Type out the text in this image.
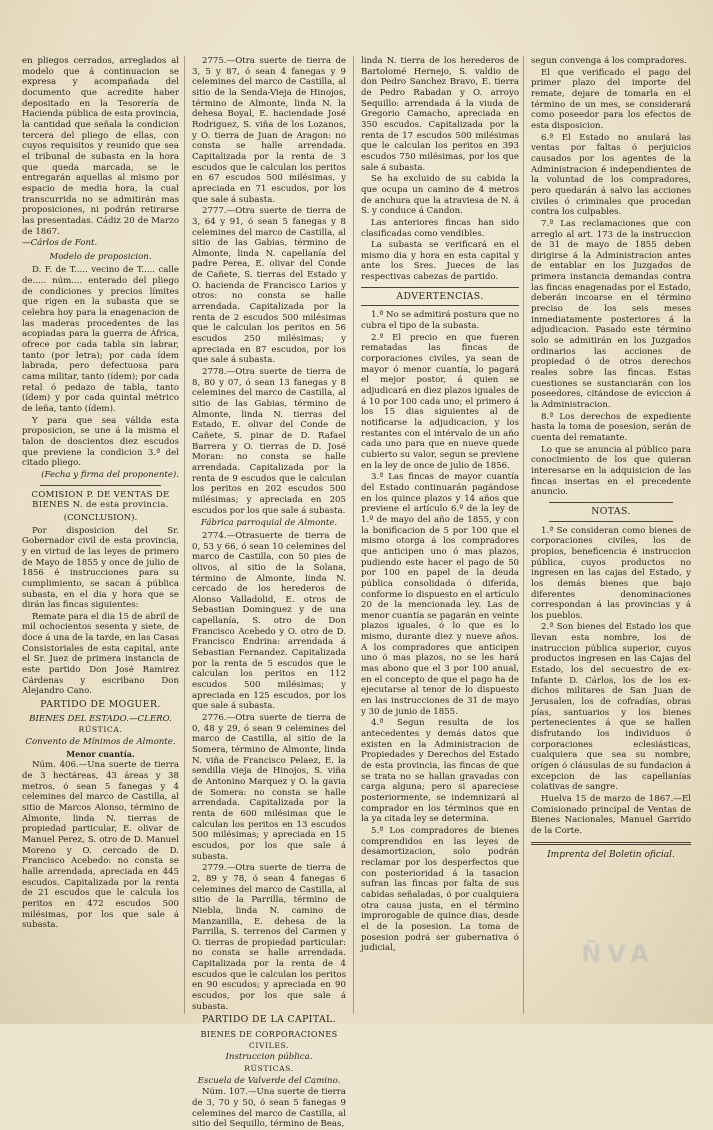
en pliegos cerrados, arreglados al modelo que á continuacion se expresa y acompañada del documento que acredite haber depositado en la Tesorería de Hacienda pública de esta provincia, la cantidad que señala la condicion tercera del pliego de ellas, con cuyos requisitos y reunido que sea el tribunal de subasta en la hora que queda marcada, se le entregarán aquellas al mismo por espacio de media hora, la cual transcurrida no se admitirán mas proposiciones, ni podrán retirarse las presentadas. Cádiz 20 de Marzo de 1867.

—Cárlos de Font.

Modelo de proposicion.

D. F. de T..... vecino de T..... calle de..... núm.... enterado del pliego de condiciones y precios límites que rigen en la subasta que se celebra hoy para la enagenacion de las maderas procedentes de las acopiadas para la guerra de África, ofrece por cada tabla sin labrar, tanto (por letra); por cada ídem labrada, pero defectuosa para cama militar, tanto (ídem); por cada retal ó pedazo de tabla, tanto (ídem) y por cada quintal métrico de leña, tanto (ídem).

Y para que sea válida esta proposicion, se une á la misma el talon de doscientos diez escudos que previene la condicion 3.ª del citado pliego.

(Fecha y firma del proponente).

COMISION P. DE VENTAS DE BIENES N. de esta provincia.

(CONCLUSION).

Por disposicion del Sr. Gobernador civil de esta provincia, y en virtud de las leyes de primero de Mayo de 1855 y once de julio de 1856 é instrucciones para su cumplimiento, se sacan á pública subasta, en el dia y hora que se dirán las fincas siguientes:

Remate para el dia 15 de abril de mil ochocientos sesenta y siete, de doce á una de la tarde, en las Casas Consistoriales de esta capital, ante el Sr. Juez de primera instancia de este partido Don José Ramirez Cárdenas y escribano Don Alejandro Cano.

PARTIDO DE MOGUER.

BIENES DEL ESTADO.—CLERO.

RÚSTICA.

Convento de Mínimos de Almonte.

Menor cuantía.

Núm. 406.—Una suerte de tierra de 3 hectáreas, 43 áreas y 38 metros, ó sean 5 fanegas y 4 celemines del marco de Castilla, al sitio de Marcos Alonso, término de Almonte, linda N. tierras de propiedad particular, E. olivar de Manuel Perez, S. otro de D. Manuel Moreno y O. cercado de D. Francisco Acebedo: no consta se halle arrendada, apreciada en 445 escudos. Capitalizada por la renta de 21 escudos que le calcula los peritos en 472 escudos 500 milésimas, por los que sale á subasta.

2775.—Otra suerte de tierra de 3, 5 y 87, ó sean 4 fanegas y 9 celemines del marco de Castilla, al sitio de la Senda-Vieja de Hinojos, término de Almonte, linda N. la dehesa Boyal, E. haciendade José Rodriguez, S. viña de los Lozanos, y O. tierra de Juan de Aragon: no consta se halle arrendada. Capitalizada por la renta de 3 escudos que le calculan los peritos en 67 escudos 500 milésimas, y apreciada en 71 escudos, por los que sale á subasta.

2777.—Otra suerte de tierra de 3, 64 y 91, ó sean 5 fanegas y 8 celemines del marco de Castilla, al sitio de las Gabias, término de Almonte, linda N. capellanía del padre Perea, E. olivar del Conde de Cañete, S. tierras del Estado y O. hacienda de Francisco Larios y otros: no consta se halle arrendada. Capitalizada por la renta de 2 escudos 500 milésimas que le calculan los peritos en 56 escudos 250 milésimas; y apreciada en 87 escudos, por los que sale á subasta.

2778.—Otra suerte de tierra de 8, 80 y 07, ó sean 13 fanegas y 8 celemines del marco de Castilla, al sitio de las Gabias, término de Almonte, linda N. tierras del Estado, E. olivar del Conde de Cañete, S. pinar de D. Rafael Barrera y O. tierras de D. José Moran: no consta se halle arrendada. Capitalizada por la renta de 9 escudos que le calculan los peritos en 202 escudos 500 milésimas; y apreciada en 205 escudos por los que sale á subasta.

Fábrica parroquial de Almonte.

2774.—Otrasuerte de tierra de 0, 53 y 66, ó sean 10 celemines del marco de Castilla, con 50 pies de olivos, al sitio de la Solana, término de Almonte, linda N. cercado de los herederos de Alonso Valladolid, E. otros de Sebastian Dominguez y de una capellanía, S. otro de Don Francisco Acebedo y O. otro de D. Francisco Endrina: arrendada á Sebastian Fernandez. Capitalizada por la renta de 5 escudos que le calculan los peritos en 112 escudos 500 milésimas; y apreciada en 125 escudos, por los que sale á subasta.

2776.—Otra suerte de tierra de 0, 48 y 29, ó sean 9 celemines del marco de Castilla, al sitio de la Somera, término de Almonte, linda N. viña de Francisco Pelaez, E. la sendilla vieja de Hinojos, S. viña de Antonino Marquez y O. la gavia de Somera: no consta se halle arrendada. Capitalizada por la renta de 600 milésimas que le calculan los peritos en 13 escudos 500 milésimas; y apreciada en 15 escudos, por los que sale á subasta.

2779.—Otra suerte de tierra de 2, 89 y 78, ó sean 4 fanegas 6 celemines del marco de Castilla, al sitio de la Parrilla, término de Niebla, linda N. camino de Manzanilla, E. dehesa de la Parrilla, S. terrenos del Carmen y O. tierras de propiedad particular: no consta se halle arrendada. Capitalizada por la renta de 4 escudos que le calculan los peritos en 90 escudos; y apreciada en 90 escudos, por los que sale á subasta.

PARTIDO DE LA CAPITAL.

BIENES DE CORPORACIONES

CIVILES.

Instruccion pública.

RÚSTICAS.

Escuela de Valverde del Camino.

Núm. 107.—Una suerte de tierra de 3, 70 y 50, ó sean 5 fanegas 9 celemines del marco de Castilla, al sitio del Sequillo, término de Beas,

linda N. tierra de los herederos de Bartolomé Hernejo, S. valdio de don Pedro Sanchez Bravo, E. tierra de Pedro Rabadan y O. arroyo Sequillo: arrendada á la viuda de Gregorio Camacho, apreciada en 350 escudos. Capitalizada por la renta de 17 escudos 500 milésimas que le calculan los peritos en 393 escudos 750 milésimas, por los que sale á subasta.

Se ha excluido de su cabida la que ocupa un camino de 4 metros de anchura que la atraviesa de N. á S. y conduce á Candon.

Las anteriores fincas han sido clasificadas como vendibles.

La subasta se verificará en el mismo dia y hora en esta capital y ante los Sres. Jueces de las respectivas cabezas de partido.

ADVERTENCIAS.

1.ª No se admitirá postura que no cubra el tipo de la subasta.

2.ª El precio en que fueren rematadas las fincas de corporaciones civiles, ya sean de mayor ó menor cuantía, lo pagará el mejor postor, á quien se adjudicará en diez plazos iguales de á 10 por 100 cada uno; el primero á los 15 dias siguientes al de notificarse la adjudicacion, y los restantes con el intérvalo de un año cada uno para que en nueve quede cubierto su valor, segun se previene en la ley de once de julio de 1856.

3.ª Las fincas de mayor cuantía del Estado continuarán pagándose en los quince plazos y 14 años que previene el artículo 6.º de la ley de 1.º de mayo del año de 1855, y con la bonificacion de 5 por 100 que el mismo otorga á los compradores que anticipen uno ó mas plazos, pudiendo este hacer el pago de 50 por 100 en papel de la deuda pública consolidada ó diferida, conforme lo dispuesto en el artículo 20 de la mencionada ley. Las de menor cuantía se pagarán en veinte plazos iguales, ó lo que es lo mismo, durante diez y nueve años. A los compradores que anticipen uno ó mas plazos, no se les hará mas abono que el 3 por 100 anual, en el concepto de que el pago ha de ejecutarse al tenor de lo dispuesto en las instrucciones de 31 de mayo y 30 de junio de 1855.

4.ª Segun resulta de los antecedentes y demás datos que existen en la Administracion de Propiedades y Derechos del Estado de esta provincia, las fincas de que se trata no se hallan gravadas con carga alguna; pero si apareciese posteriormente, se indemnizará al comprador en los términos que en la ya citada ley se determina.

5.ª Los compradores de bienes comprendidos en las leyes de desamortizacion, solo podrán reclamar por los desperfectos que con posterioridad á la tasacion sufran las fincas por falta de sus cabidas señaladas, ó por cualquiera otra causa justa, en el término improrogable de quince dias, desde el de la posesion. La toma de posesion podrá ser gubernativa ó judicial,

segun convenga á los compradores.

El que verificado el pago del primer plazo del importe del remate, dejare de tomarla en el término de un mes, se considerará como poseedor para los efectos de esta disposicion.

6.ª El Estado no anulará las ventas por faltas ó perjuicios causados por los agentes de la Administracion é independientes de la voluntad de los compradores, pero quedarán á salvo las acciones civiles ó criminales que procedan contra los culpables.

7.ª Las reclamaciones que con arreglo al art. 173 de la instruccion de 31 de mayo de 1855 deben dirigirse á la Administracion antes de entablar en los Juzgados de primera instancia demandas contra las fincas enagenadas por el Estado, deberán incoarse en el término preciso de los seis meses inmediatamente posteriores á la adjudicacion. Pasado este término solo se admitirán en los Juzgados ordinarios las acciones de propiedad ó de otros derechos reales sobre las fincas. Estas cuestiones se sustanciarán con los poseedores, citándose de eviccion á la Administracion.

8.ª Los derechos de expediente hasta la toma de posesion, serán de cuenta del rematante.

Lo que se anuncia al público para conocimiento de los que quieran interesarse en la adquisicion de las fincas insertas en el precedente anuncio.

NOTAS.

1.ª Se consideran como bienes de corporaciones civiles, los de propios, beneficencia é instruccion pública, cuyos productos no ingresen en las cajas del Estado, y los demás bienes que bajo diferentes denominaciones correspondan á las provincias y á los pueblos.

2.ª Son bienes del Estado los que llevan esta nombre, los de instruccion pública superior, cuyos productos ingresen en las Cajas del Estado, los del secuestro de ex-Infante D. Cárlos, los de los ex-dichos militares de San Juan de Jerusalen, los de cofradías, obras pías, santuarios y los bienes pertenecientes á que se hallen disfrutando los individuos ó corporaciones eclesiásticas, cualquiera que sea su nombre, orígen ó cláusulas de su fundacion á excepcion de las capellanías colativas de sangre.

Huelva 15 de marzo de 1867.—El Comisionado principal de Ventas de Bienes Nacionales, Manuel Garrido de la Corte.

Imprenta del Boletin oficial.

ÑVA
